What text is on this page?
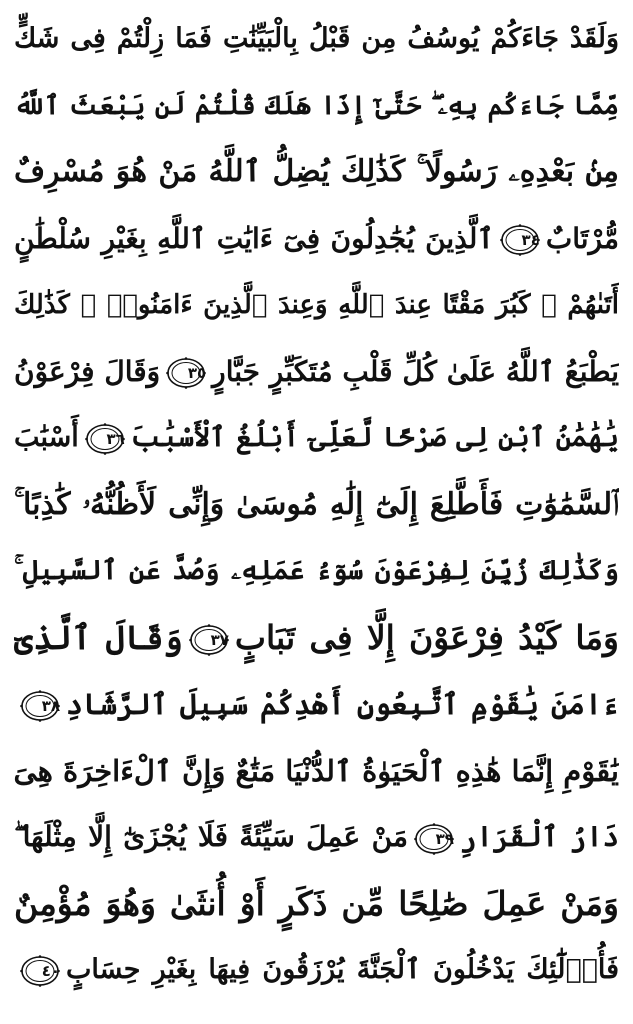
وَلَقَدْ جَاءَكُمْ يُوسُفُ مِن قَبْلُ بِالْبَيِّنَٰتِ فَمَا زِلْتُمْ فِى شَكٍّ
مِّمَّا جَاءَكُم بِهِۦ ۖ حَتَّىٰٓ إِذَا هَلَكَ قُلْتُمْ لَن يَبْعَثَ ٱللَّهُ
مِنۢ بَعْدِهِۦ رَسُولًا ۚ كَذَٰلِكَ يُضِلُّ ٱللَّهُ مَنْ هُوَ مُسْرِفٌ
مُّرْتَابٌ
٣٤
ٱلَّذِينَ يُجَٰدِلُونَ فِىٓ ءَايَٰتِ ٱللَّهِ بِغَيْرِ سُلْطَٰنٍ
أَتَىٰهُمْ ۖ كَبُرَ مَقْتًا عِندَ ٱللَّهِ وَعِندَ ٱلَّذِينَ ءَامَنُوا۟ ۚ كَذَٰلِكَ
يَطْبَعُ ٱللَّهُ عَلَىٰ كُلِّ قَلْبِ مُتَكَبِّرٍ جَبَّارٍ
٣٥
وَقَالَ فِرْعَوْنُ
يَٰهَٰمَٰنُ ٱبْنِ لِى صَرْحًا لَّعَلِّىٓ أَبْلُغُ ٱلْأَسْبَٰبَ
٣٦
أَسْبَٰبَ
ٱلسَّمَٰوَٰتِ فَأَطَّلِعَ إِلَىٰٓ إِلَٰهِ مُوسَىٰ وَإِنِّى لَأَظُنُّهُۥ كَٰذِبًا ۚ
وَكَذَٰلِكَ زُيِّنَ لِفِرْعَوْنَ سُوٓءُ عَمَلِهِۦ وَصُدَّ عَنِ ٱلسَّبِيلِ ۚ
وَمَا كَيْدُ فِرْعَوْنَ إِلَّا فِى تَبَابٍ
٣٧
وَقَالَ ٱلَّذِىٓ
ءَامَنَ يَٰقَوْمِ ٱتَّبِعُونِ أَهْدِكُمْ سَبِيلَ ٱلرَّشَادِ
٣٨
يَٰقَوْمِ إِنَّمَا هَٰذِهِ ٱلْحَيَوٰةُ ٱلدُّنْيَا مَتَٰعٌ وَإِنَّ ٱلْءَاخِرَةَ هِىَ
دَارُ ٱلْقَرَارِ
٣٩
مَنْ عَمِلَ سَيِّئَةً فَلَا يُجْزَىٰٓ إِلَّا مِثْلَهَا ۖ
وَمَنْ عَمِلَ صَٰلِحًا مِّن ذَكَرٍ أَوْ أُنثَىٰ وَهُوَ مُؤْمِنٌ
فَأُو۟لَٰٓئِكَ يَدْخُلُونَ ٱلْجَنَّةَ يُرْزَقُونَ فِيهَا بِغَيْرِ حِسَابٍ
٤٠
